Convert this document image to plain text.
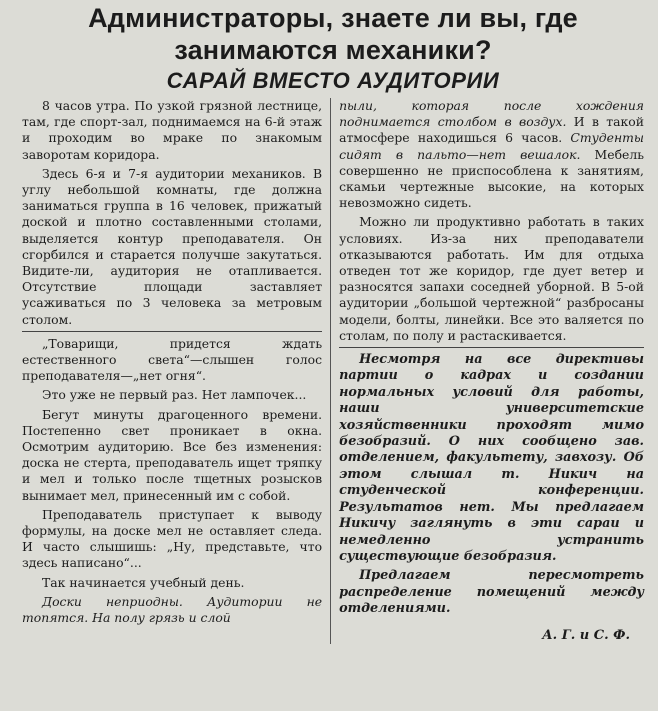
Администраторы, знаете ли вы, где
занимаются механики?
САРАЙ ВМЕСТО АУДИТОРИИ

8 часов утра. По узкой грязной лестнице, там, где спорт-зал, поднимаемся на 6-й этаж и проходим во мраке по знакомым заворотам коридора.

Здесь 6-я и 7-я аудитории механиков. В углу небольшой комнаты, где должна заниматься группа в 16 человек, прижатый доской и плотно составленными столами, выделяется контур преподавателя. Он сгорбился и старается получше закутаться. Видите-ли, аудитория не отапливается. Отсутствие площади заставляет усаживаться по 3 человека за метровым столом.

„Товарищи, придется ждать естественного света“—слышен голос преподавателя—„нет огня“.

Это уже не первый раз. Нет лампочек...

Бегут минуты драгоценного времени. Постепенно свет проникает в окна. Осмотрим аудиторию. Все без изменения: доска не стерта, преподаватель ищет тряпку и мел и только после тщетных розысков вынимает мел, принесенный им с собой.

Преподаватель приступает к выводу формулы, на доске мел не оставляет следа. И часто слышишь: „Ну, представьте, что здесь написано“...

Так начинается учебный день.

Доски неприодны. Аудитории не топятся. На полу грязь и слой

пыли, которая после хождения поднимается столбом в воздух. И в такой атмосфере находишься 6 часов. Студенты сидят в пальто—нет вешалок. Мебель совершенно не приспособлена к занятиям, скамьи чертежные высокие, на которых невозможно сидеть.

Можно ли продуктивно работать в таких условиях. Из-за них преподаватели отказываются работать. Им для отдыха отведен тот же коридор, где дует ветер и разносятся запахи соседней уборной. В 5-ой аудитории „большой чертежной“ разбросаны модели, болты, линейки. Все это валяется по столам, по полу и растаскивается.

Несмотря на все директивы партии о кадрах и создании нормальных условий для работы, наши университетские хозяйственники проходят мимо безобразий. О них сообщено зав. отделением, факультету, завхозу. Об этом слышал т. Никич на студенческой конференции. Результатов нет. Мы предлагаем Никичу заглянуть в эти сараи и немедленно устранить существующие безобразия.

Предлагаем пересмотреть распределение помещений между отделениями.

А. Г. и С. Ф.
